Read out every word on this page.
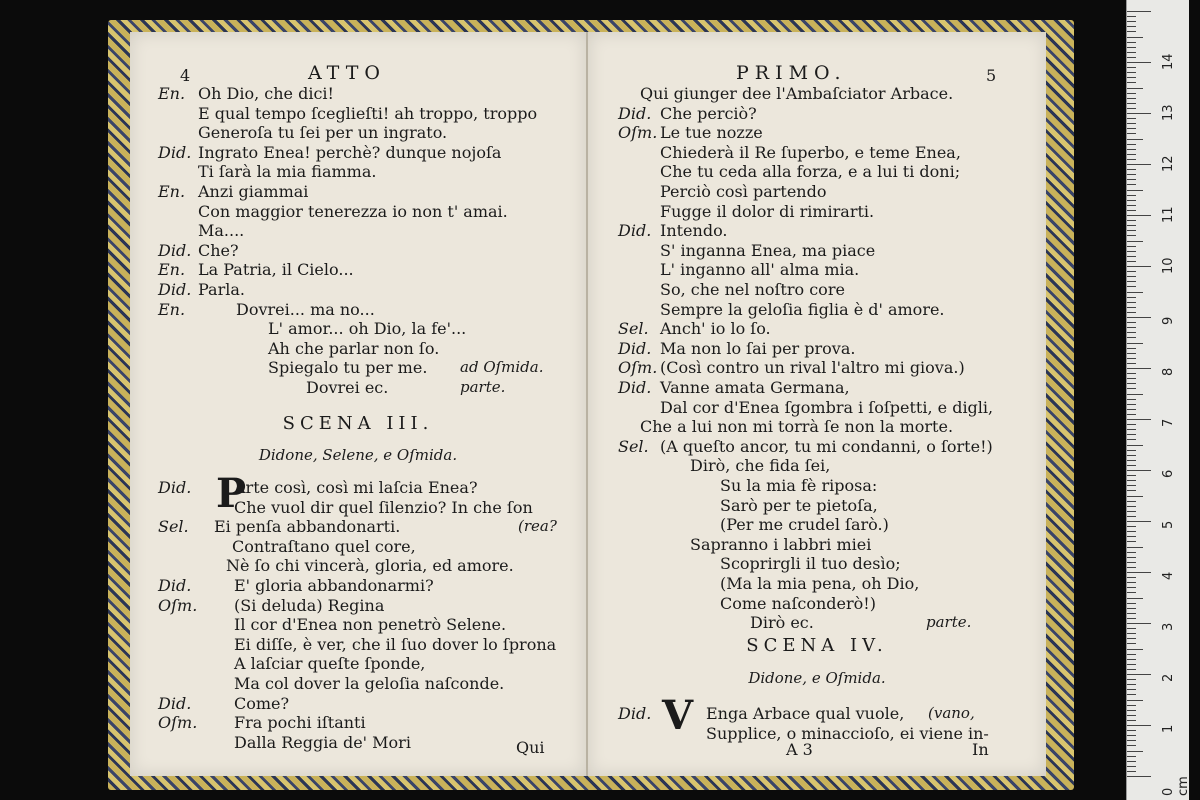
4	ATTO
En. Oh Dio, che dici!
E qual tempo ſceglieſti! ah troppo, troppo
Generoſa tu ſei per un ingrato.
Did. Ingrato Enea! perchè? dunque nojoſa
Ti ſarà la mia fiamma.
En. Anzi giammai
Con maggior tenerezza io non t' amai.
Ma....
Did. Che?
En. La Patria, il Cielo...
Did. Parla.
En.	Dovrei... ma no...
L' amor... oh Dio, la fe'...
Ah che parlar non ſo.
Spiegalo tu per me. ad Oſmida.
Dovrei ec.	parte.
SCENA III.
Didone, Selene, e Oſmida.
P
Did.	Arte così, così mi laſcia Enea?
Che vuol dir quel ſilenzio? In che ſon
Sel. Ei penſa abbandonarti.	(rea?
Contraſtano quel core,
Nè ſo chi vincerà, gloria, ed amore.
Did.	E' gloria abbandonarmi?
Oſm. (Si deluda) Regina
Il cor d'Enea non penetrò Selene.
Ei diſſe, è ver, che il ſuo dover lo ſprona
A laſciar queſte ſponde,
Ma col dover la geloſia naſconde.
Did.	Come?
Oſm. Fra pochi iſtanti
Dalla Reggia de' Mori	Qui
PRIMO.	5
Qui giunger dee l'Ambaſciator Arbace.
Did. Che perciò?
Oſm. Le tue nozze
Chiederà il Re ſuperbo, e teme Enea,
Che tu ceda alla forza, e a lui ti doni;
Perciò così partendo
Fugge il dolor di rimirarti.
Did. Intendo.
S' inganna Enea, ma piace
L' inganno all' alma mia.
So, che nel noſtro core
Sempre la geloſia figlia è d' amore.
Sel. Anch' io lo ſo.
Did. Ma non lo ſai per prova.
Oſm. (Così contro un rival l'altro mi giova.)
Did. Vanne amata Germana,
Dal cor d'Enea ſgombra i ſoſpetti, e digli,
Che a lui non mi torrà ſe non la morte.
Sel. (A queſto ancor, tu mi condanni, o ſorte!)
Dirò, che fida ſei,
Su la mia fè riposa:
Sarò per te pietoſa,
(Per me crudel ſarò.)
Sapranno i labbri miei
Scoprirgli il tuo desìo;
(Ma la mia pena, oh Dio,
Come naſconderò!)
Dirò ec.	parte.
SCENA IV.
Didone, e Oſmida.
V
Did.	Enga Arbace qual vuole, (vano,
Supplice, o minaccioſo, ei viene in-
A 3	In
0 cm
1
2
3
4
5
6
7
8
9
10
11
12
13
14
